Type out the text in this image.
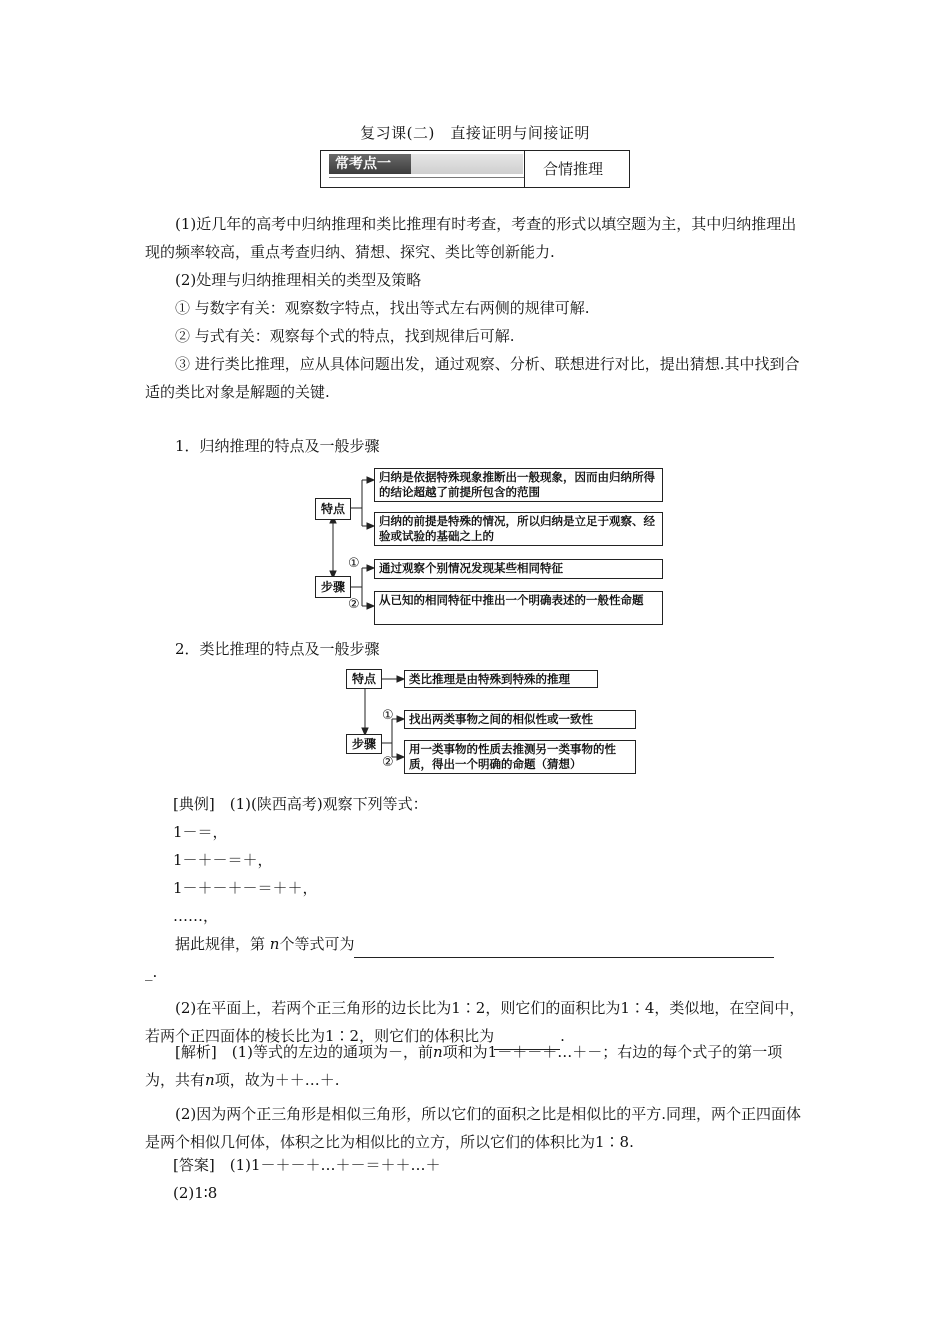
复习课(二)　直接证明与间接证明
常考点一	合情推理

(1)近几年的高考中归纳推理和类比推理有时考查，考查的形式以填空题为主，其中归纳推理出现的频率较高，重点考查归纳、猜想、探究、类比等创新能力.

(2)处理与归纳推理相关的类型及策略

① 与数字有关：观察数字特点，找出等式左右两侧的规律可解.

② 与式有关：观察每个式的特点，找到规律后可解.

③ 进行类比推理，应从具体问题出发，通过观察、分析、联想进行对比，提出猜想.其中找到合适的类比对象是解题的关键.

1．归纳推理的特点及一般步骤
特点
步骤
归纳是依据特殊现象推断出一般现象，因而由归纳所得的结论超越了前提所包含的范围
归纳的前提是特殊的情况，所以归纳是立足于观察、经验或试验的基础之上的
通过观察个别情况发现某些相同特征
从已知的相同特征中推出一个明确表述的一般性命题
①
②
2．类比推理的特点及一般步骤
特点
步骤
类比推理是由特殊到特殊的推理
找出两类事物之间的相似性或一致性
用一类事物的性质去推测另一类事物的性质，得出一个明确的命题（猜想）
①
②

[典例]　 (1)(陕西高考)观察下列等式：

1－＝，

1－＋－＝＋，

1－＋－＋－＝＋＋，

……，

据此规律，第 n个等式可为

_.

(2)在平面上，若两个正三角形的边长比为1∶2，则它们的面积比为1∶4，类似地，在空间中，若两个正四面体的棱长比为1∶2，则它们的体积比为	.

[解析]　 (1)等式的左边的通项为－，前n项和为1－＋－＋…＋－；右边的每个式子的第一项为，共有n项，故为＋＋…＋.

(2)因为两个正三角形是相似三角形，所以它们的面积之比是相似比的平方.同理，两个正四面体是两个相似几何体，体积之比为相似比的立方，所以它们的体积比为1∶8.

[答案]　 (1)1－＋－＋…＋－＝＋＋…＋

(2)1∶8
